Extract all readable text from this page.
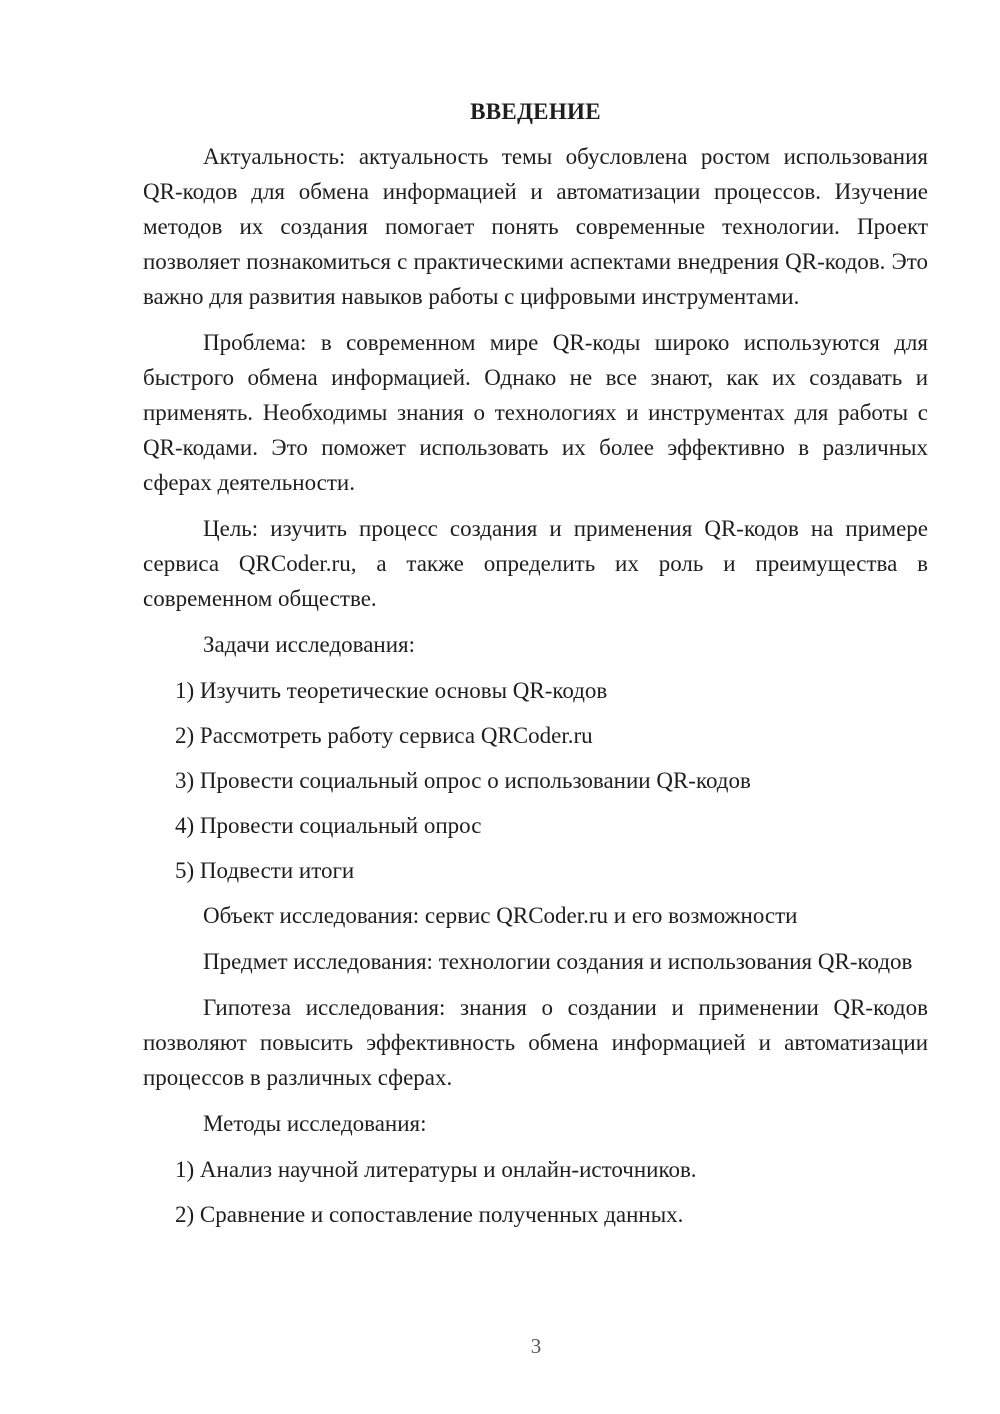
ВВЕДЕНИЕ

Актуальность: актуальность темы обусловлена ростом использования QR-кодов для обмена информацией и автоматизации процессов. Изучение методов их создания помогает понять современные технологии. Проект позволяет познакомиться с практическими аспектами внедрения QR-кодов. Это важно для развития навыков работы с цифровыми инструментами.

Проблема: в современном мире QR-коды широко используются для быстрого обмена информацией. Однако не все знают, как их создавать и применять. Необходимы знания о технологиях и инструментах для работы с QR-кодами. Это поможет использовать их более эффективно в различных сферах деятельности.

Цель: изучить процесс создания и применения QR-кодов на примере сервиса QRCoder.ru, а также определить их роль и преимущества в современном обществе.

Задачи исследования:

1) Изучить теоретические основы QR-кодов

2) Рассмотреть работу сервиса QRCoder.ru

3) Провести социальный опрос о использовании QR-кодов

4) Провести социальный опрос

5) Подвести итоги

Объект исследования: сервис QRCoder.ru и его возможности

Предмет исследования: технологии создания и использования QR-кодов

Гипотеза исследования: знания о создании и применении QR-кодов позволяют повысить эффективность обмена информацией и автоматизации процессов в различных сферах.

Методы исследования:

1) Анализ научной литературы и онлайн-источников.

2) Сравнение и сопоставление полученных данных.

3
